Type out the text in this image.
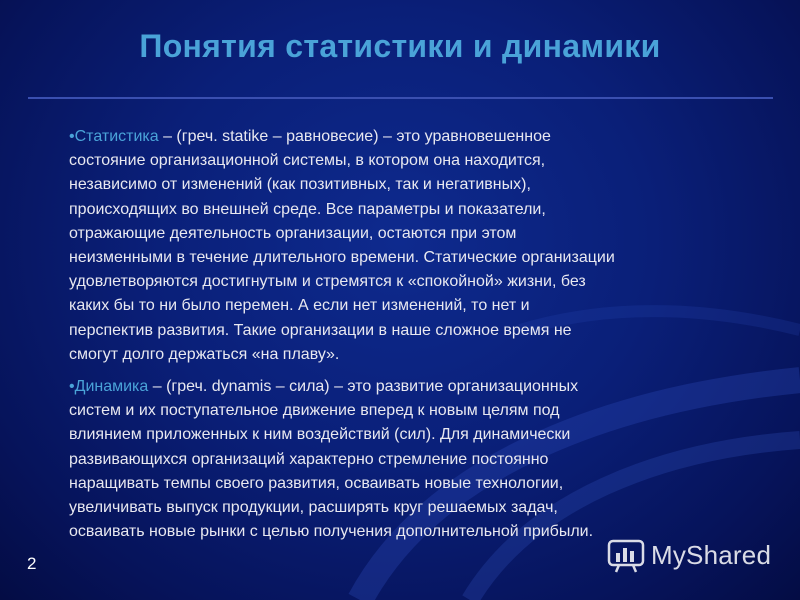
Понятия статистики и динамики
•Статистика – (греч. statike – равновесие) – это уравновешенное
состояние организационной системы, в котором она находится,
независимо от изменений (как позитивных, так и негативных),
происходящих во внешней среде. Все параметры и показатели,
отражающие деятельность организации, остаются при этом
неизменными в течение длительного времени. Статические организации
удовлетворяются достигнутым и стремятся к «спокойной» жизни, без
каких бы то ни было перемен. А если нет изменений, то нет и
перспектив развития. Такие организации в наше сложное время не
смогут долго держаться «на плаву».
•Динамика – (греч. dynamis – сила) – это развитие организационных
систем и их поступательное движение вперед к новым целям под
влиянием приложенных к ним воздействий (сил). Для динамически
развивающихся организаций характерно стремление постоянно
наращивать темпы своего развития, осваивать новые технологии,
увеличивать выпуск продукции, расширять круг решаемых задач,
осваивать новые рынки с целью получения дополнительной прибыли.
2	MyShared
